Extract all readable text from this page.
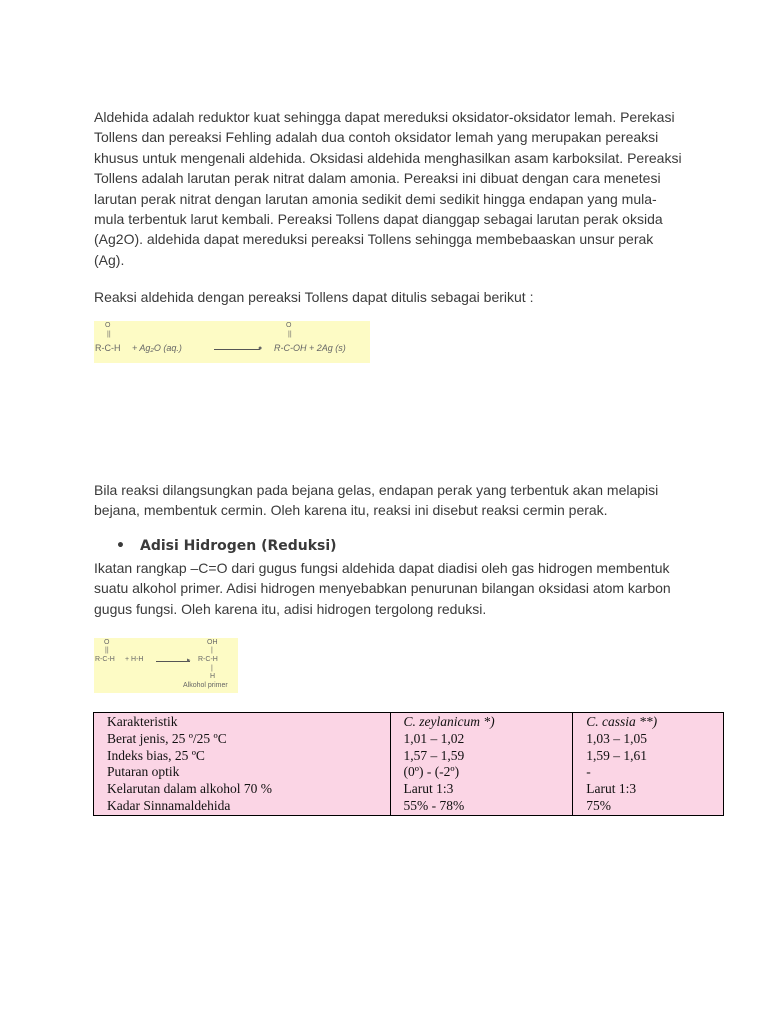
Aldehida adalah reduktor kuat sehingga dapat mereduksi oksidator-oksidator lemah. Perekasi Tollens dan pereaksi Fehling adalah dua contoh oksidator lemah yang merupakan pereaksi khusus untuk mengenali aldehida. Oksidasi aldehida menghasilkan asam karboksilat. Pereaksi Tollens adalah larutan perak nitrat dalam amonia. Pereaksi ini dibuat dengan cara menetesi larutan perak nitrat dengan larutan amonia sedikit demi sedikit hingga endapan yang mula-mula terbentuk larut kembali. Pereaksi Tollens dapat dianggap sebagai larutan perak oksida (Ag2O). aldehida dapat mereduksi pereaksi Tollens sehingga membebaaskan unsur perak (Ag).

Reaksi aldehida dengan pereaksi Tollens dapat ditulis sebagai berikut :

O
||
R-C-H + Ag₂O (aq.)	●
O
||
R-C-OH + 2Ag (s)

Bila reaksi dilangsungkan pada bejana gelas, endapan perak yang terbentuk akan melapisi bejana, membentuk cermin. Oleh karena itu, reaksi ini disebut reaksi cermin perak.

• Adisi Hidrogen (Reduksi)

Ikatan rangkap –C=O dari gugus fungsi aldehida dapat diadisi oleh gas hidrogen membentuk suatu alkohol primer. Adisi hidrogen menyebabkan penurunan bilangan oksidasi atom karbon gugus fungsi. Oleh karena itu, adisi hidrogen tergolong reduksi.

O
||
R-C-H + H-H	▸
OH
|
R-C-H
|
H
Alkohol primer
Karakteristik	C. zeylanicum *)	C. cassia **)
Berat jenis, 25 º/25 ºC	1,01 – 1,02	1,03 – 1,05
Indeks bias, 25 ºC	1,57 – 1,59	1,59 – 1,61
Putaran optik	(0º) - (-2º)	-
Kelarutan dalam alkohol 70 %	Larut 1:3	Larut 1:3
Kadar Sinnamaldehida	55% - 78%	75%
